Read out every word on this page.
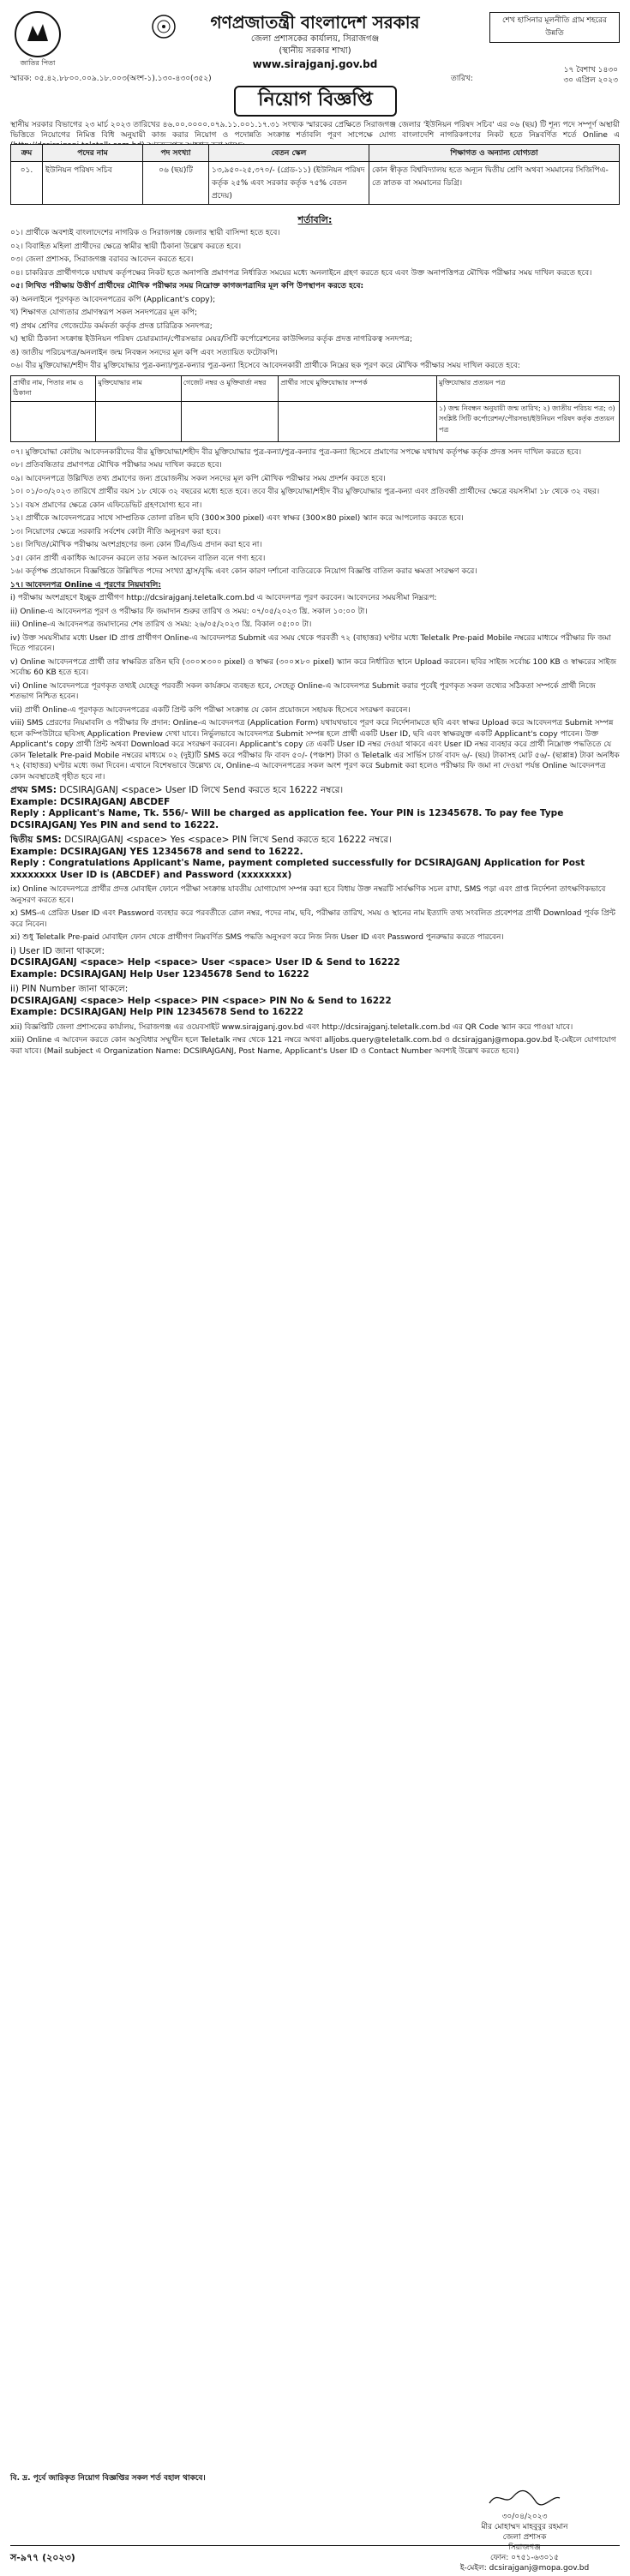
জাতির পিতা
গণপ্রজাতন্ত্রী বাংলাদেশ সরকার
জেলা প্রশাসকের কার্যালয়, সিরাজগঞ্জ
(স্থানীয় সরকার শাখা)
www.sirajganj.gov.bd
শেখ হাসিনার মূলনীতি গ্রাম শহরের উন্নতি
স্মারক: ০৫.৪২.৮৮০০.০০৯.১৮.০০৩(অংশ-১).১৩০-৪৩০(৩৫২)	তারিখ:
১৭ বৈশাখ ১৪৩০
৩০ এপ্রিল ২০২৩
নিয়োগ বিজ্ঞপ্তি
স্থানীয় সরকার বিভাগের ২৩ মার্চ ২০২৩ তারিখের ৪৬.০০.০০০০.০৭৯.১১.০০১.১৭.৩১ সংখ্যক স্মারকের প্রেক্ষিতে সিরাজগঞ্জ জেলার 'ইউনিয়ন পরিষদ সচিব' এর ০৬ (ছয়) টি শূন্য পদে সম্পূর্ণ অস্থায়ী ভিত্তিতে নিয়োগের নিমিত্ত বিধি অনুযায়ী কাজ করার নিয়োগ ও পদোন্নতি সংক্রান্ত শর্তাবলি পূরণ সাপেক্ষে যোগ্য বাংলাদেশি নাগরিকগণের নিকট হতে নিম্নবর্ণিত শর্তে Online এ
ক্রম	পদের নাম	পদ সংখ্যা	বেতন স্কেল	শিক্ষাগত ও অন্যান্য যোগ্যতা
০১.	ইউনিয়ন পরিষদ সচিব	০৬ (ছয়)টি	১৩,৯৫০-২৫,৩৭০/- (গ্রেড-১১) (ইউনিয়ন পরিষদ কর্তৃক ২৫% এবং সরকার কর্তৃক ৭৫% বেতন প্রদেয়)	কোন স্বীকৃত বিশ্ববিদ্যালয় হতে অন্যূন দ্বিতীয় শ্রেণি অথবা সমমানের সিজিপিএ-তে স্নাতক বা সমমানের ডিগ্রি।
শর্তাবলি:

০১। প্রার্থীকে অবশ্যই বাংলাদেশের নাগরিক ও সিরাজগঞ্জ জেলার স্থায়ী বাসিন্দা হতে হবে।

০২। বিবাহিত মহিলা প্রার্থীদের ক্ষেত্রে স্বামীর স্থায়ী ঠিকানা উল্লেখ করতে হবে।

০৩। জেলা প্রশাসক, সিরাজগঞ্জ বরাবর আবেদন করতে হবে।

০৪। চাকরিরত প্রার্থীগণকে যথাযথ কর্তৃপক্ষের নিকট হতে অনাপত্তি প্রমাণপত্র নির্ধারিত সময়ের মধ্যে অনলাইনে গ্রহণ করতে হবে এবং উক্ত অনাপত্তিপত্র মৌখিক পরীক্ষার সময় দাখিল করতে হবে।

০৫। লিখিত পরীক্ষায় উত্তীর্ণ প্রার্থীদের মৌখিক পরীক্ষার সময় নিম্নোক্ত কাগজপত্রাদির মূল কপি উপস্থাপন করতে হবে:

ক) অনলাইনে পূরণকৃত আবেদনপত্রের কপি (Applicant's copy);

খ) শিক্ষাগত যোগ্যতার প্রমাণস্বরূপ সকল সনদপত্রের মূল কপি;

গ) প্রথম শ্রেণির গেজেটেড কর্মকর্তা কর্তৃক প্রদত্ত চারিত্রিক সনদপত্র;

ঘ) স্থায়ী ঠিকানা সংক্রান্ত ইউনিয়ন পরিষদ চেয়ারম্যান/পৌরসভার মেয়র/সিটি কর্পোরেশনের কাউন্সিলর কর্তৃক প্রদত্ত নাগরিকত্ব সনদপত্র;

ঙ) জাতীয় পরিচয়পত্র/অনলাইন জন্ম নিবন্ধন সনদের মূল কপি এবং সত্যায়িত ফটোকপি।

০৬। বীর মুক্তিযোদ্ধা/শহীদ বীর মুক্তিযোদ্ধার পুত্র-কন্যা/পুত্র-কন্যার পুত্র-কন্যা হিসেবে আবেদনকারী প্রার্থীকে নিম্নের ছক পূরণ করে মৌখিক পরীক্ষার সময় দাখিল করতে হবে:

প্রার্থীর নাম, পিতার নাম ও ঠিকানা	মুক্তিযোদ্ধার নাম	গেজেট নম্বর ও মুক্তিবার্তা নম্বর	প্রার্থীর সাথে মুক্তিযোদ্ধার সম্পর্ক	মুক্তিযোদ্ধার প্রত্যয়ন পত্র
				১) জন্ম নিবন্ধন অনুযায়ী জন্ম তারিখ; ২) জাতীয় পরিচয় পত্র; ৩) সংশ্লিষ্ট সিটি কর্পোরেশন/পৌরসভা/ইউনিয়ন পরিষদ কর্তৃক প্রত্যয়ন পত্র

০৭। মুক্তিযোদ্ধা কোটায় আবেদনকারীদের বীর মুক্তিযোদ্ধা/শহীদ বীর মুক্তিযোদ্ধার পুত্র-কন্যা/পুত্র-কন্যার পুত্র-কন্যা হিসেবে প্রমাণের সপক্ষে যথাযথ কর্তৃপক্ষ কর্তৃক প্রদত্ত সনদ দাখিল করতে হবে।

০৮। প্রতিবন্ধিতার প্রমাণপত্র মৌখিক পরীক্ষার সময় দাখিল করতে হবে।

০৯। আবেদনপত্রে উল্লিখিত তথ্য প্রমাণের জন্য প্রয়োজনীয় সকল সনদের মূল কপি মৌখিক পরীক্ষার সময় প্রদর্শন করতে হবে।

১০। ০১/০৩/২০২৩ তারিখে প্রার্থীর বয়স ১৮ থেকে ৩২ বছরের মধ্যে হতে হবে। তবে বীর মুক্তিযোদ্ধা/শহীদ বীর মুক্তিযোদ্ধার পুত্র-কন্যা এবং প্রতিবন্ধী প্রার্থীদের ক্ষেত্রে বয়সসীমা ১৮ থেকে ৩২ বছর।

১১। বয়স প্রমাণের ক্ষেত্রে কোন এফিডেভিট গ্রহণযোগ্য হবে না।

১২। প্রার্থীকে আবেদনপত্রের সাথে সাম্প্রতিক তোলা রঙিন ছবি (300×300 pixel) এবং স্বাক্ষর (300×80 pixel) স্ক্যান করে আপলোড করতে হবে।

১৩। নিয়োগের ক্ষেত্রে সরকারি সর্বশেষ কোটা নীতি অনুসরণ করা হবে।

১৪। লিখিত/মৌখিক পরীক্ষায় অংশগ্রহণের জন্য কোন টিএ/ডিএ প্রদান করা হবে না।

১৫। কোন প্রার্থী একাধিক আবেদন করলে তার সকল আবেদন বাতিল বলে গণ্য হবে।

১৬। কর্তৃপক্ষ প্রয়োজনে বিজ্ঞপ্তিতে উল্লিখিত পদের সংখ্যা হ্রাস/বৃদ্ধি এবং কোন কারণ দর্শানো ব্যতিরেকে নিয়োগ বিজ্ঞপ্তি বাতিল করার ক্ষমতা সংরক্ষণ করে।

১৭। আবেদনপত্র Online এ পূরণের নিয়মাবলি:

i) পরীক্ষায় অংশগ্রহণে ইচ্ছুক প্রার্থীগণ http://dcsirajganj.teletalk.com.bd এ আবেদনপত্র পূরণ করবেন। আবেদনের সময়সীমা নিম্নরূপ:

ii) Online-এ আবেদনপত্র পূরণ ও পরীক্ষার ফি জমাদান শুরুর তারিখ ও সময়: ০৭/০৫/২০২৩ খ্রি. সকাল ১০:০০ টা।

iii) Online-এ আবেদনপত্র জমাদানের শেষ তারিখ ও সময়: ২৬/০৫/২০২৩ খ্রি. বিকাল ০৫:০০ টা।

iv) উক্ত সময়সীমার মধ্যে User ID প্রাপ্ত প্রার্থীগণ Online-এ আবেদনপত্র Submit এর সময় থেকে পরবর্তী ৭২ (বাহাত্তর) ঘণ্টার মধ্যে Teletalk Pre-paid Mobile নম্বরের মাধ্যমে পরীক্ষার ফি জমা দিতে পারবেন।

v) Online আবেদনপত্রে প্রার্থী তার স্বাক্ষরিত রঙিন ছবি (৩০০×৩০০ pixel) ও স্বাক্ষর (৩০০×৮০ pixel) স্ক্যান করে নির্ধারিত স্থানে Upload করবেন। ছবির সাইজ সর্বোচ্চ 100 KB ও স্বাক্ষরের সাইজ সর্বোচ্চ 60 KB হতে হবে।

vi) Online আবেদনপত্রে পূরণকৃত তথ্যই যেহেতু পরবর্তী সকল কার্যক্রমে ব্যবহৃত হবে, সেহেতু Online-এ আবেদনপত্র Submit করার পূর্বেই পূরণকৃত সকল তথ্যের সঠিকতা সম্পর্কে প্রার্থী নিজে শতভাগ নিশ্চিত হবেন।

vii) প্রার্থী Online-এ পূরণকৃত আবেদনপত্রের একটি প্রিন্ট কপি পরীক্ষা সংক্রান্ত যে কোন প্রয়োজনে সহায়ক হিসেবে সংরক্ষণ করবেন।

viii) SMS প্রেরণের নিয়মাবলি ও পরীক্ষার ফি প্রদান: Online-এ আবেদনপত্র (Application Form) যথাযথভাবে পূরণ করে নির্দেশনামতে ছবি এবং স্বাক্ষর Upload করে আবেদনপত্র Submit সম্পন্ন হলে কম্পিউটারে ছবিসহ Application Preview দেখা যাবে। নির্ভুলভাবে আবেদনপত্র Submit সম্পন্ন হলে প্রার্থী একটি User ID, ছবি এবং স্বাক্ষরযুক্ত একটি Applicant's copy পাবেন। উক্ত Applicant's copy প্রার্থী প্রিন্ট অথবা Download করে সংরক্ষণ করবেন। Applicant's copy তে একটি User ID নম্বর দেওয়া থাকবে এবং User ID নম্বর ব্যবহার করে প্রার্থী নিম্নোক্ত পদ্ধতিতে যে কোন Teletalk Pre-paid Mobile নম্বরের মাধ্যমে ০২ (দুই)টি SMS করে পরীক্ষার ফি বাবদ ৫০/- (পঞ্চাশ) টাকা ও Teletalk এর সার্ভিস চার্জ বাবদ ৬/- (ছয়) টাকাসহ মোট ৫৬/- (ছাপ্পান্ন) টাকা অনধিক ৭২ (বাহাত্তর) ঘণ্টার মধ্যে জমা দিবেন। এখানে বিশেষভাবে উল্লেখ্য যে, Online-এ আবেদনপত্রের সকল অংশ পূরণ করে Submit করা হলেও পরীক্ষার ফি জমা না দেওয়া পর্যন্ত Online আবেদনপত্র কোন অবস্থাতেই গৃহীত হবে না।

প্রথম SMS: DCSIRAJGANJ <space> User ID লিখে Send করতে হবে 16222 নম্বরে।
Example: DCSIRAJGANJ ABCDEF
Reply : Applicant's Name, Tk. 556/- Will be charged as application fee. Your PIN is 12345678. To pay fee Type DCSIRAJGANJ Yes PIN and send to 16222.
দ্বিতীয় SMS: DCSIRAJGANJ <space> Yes <space> PIN লিখে Send করতে হবে 16222 নম্বরে।
Example: DCSIRAJGANJ YES 12345678 and send to 16222.
Reply : Congratulations Applicant's Name, payment completed successfully for DCSIRAJGANJ Application for Post xxxxxxxx User ID is (ABCDEF) and Password (xxxxxxxx)

ix) Online আবেদনপত্রে প্রার্থীর প্রদত্ত মোবাইল ফোনে পরীক্ষা সংক্রান্ত যাবতীয় যোগাযোগ সম্পন্ন করা হবে বিধায় উক্ত নম্বরটি সার্বক্ষণিক সচল রাখা, SMS পড়া এবং প্রাপ্ত নির্দেশনা তাৎক্ষণিকভাবে অনুসরণ করতে হবে।

x) SMS-এ প্রেরিত User ID এবং Password ব্যবহার করে পরবর্তীতে রোল নম্বর, পদের নাম, ছবি, পরীক্ষার তারিখ, সময় ও স্থানের নাম ইত্যাদি তথ্য সংবলিত প্রবেশপত্র প্রার্থী Download পূর্বক প্রিন্ট করে নিবেন।

xi) শুধু Teletalk Pre-paid মোবাইল ফোন থেকে প্রার্থীগণ নিম্নবর্ণিত SMS পদ্ধতি অনুসরণ করে নিজ নিজ User ID এবং Password পুনরুদ্ধার করতে পারবেন।

i) User ID জানা থাকলে:
DCSIRAJGANJ <space> Help <space> User <space> User ID & Send to 16222
Example: DCSIRAJGANJ Help User 12345678 Send to 16222
ii) PIN Number জানা থাকলে:
DCSIRAJGANJ <space> Help <space> PIN <space> PIN No & Send to 16222
Example: DCSIRAJGANJ Help PIN 12345678 Send to 16222

xii) বিজ্ঞপ্তিটি জেলা প্রশাসকের কার্যালয়, সিরাজগঞ্জ এর ওয়েবসাইট www.sirajganj.gov.bd এবং http://dcsirajganj.teletalk.com.bd এর QR Code স্ক্যান করে পাওয়া যাবে।

xiii) Online এ আবেদন করতে কোন অসুবিধার সম্মুখীন হলে Teletalk নম্বর থেকে 121 নম্বরে অথবা alljobs.query@teletalk.com.bd ও dcsirajganj@mopa.gov.bd ই-মেইলে যোগাযোগ করা যাবে। (Mail subject এ Organization Name: DCSIRAJGANJ, Post Name, Applicant's User ID ও Contact Number অবশ্যই উল্লেখ করতে হবে।)

বি. দ্র. পূর্বে জারিকৃত নিয়োগ বিজ্ঞপ্তির সকল শর্ত বহাল থাকবে।
৩০/০৪/২০২৩
মীর মোহাম্মদ মাহবুবুর রহমান
জেলা প্রশাসক
সিরাজগঞ্জ
ফোন: ০৭৫১-৬৩০১৫
ই-মেইল: dcsirajganj@mopa.gov.bd
স-৯৭৭ (২০২৩)
